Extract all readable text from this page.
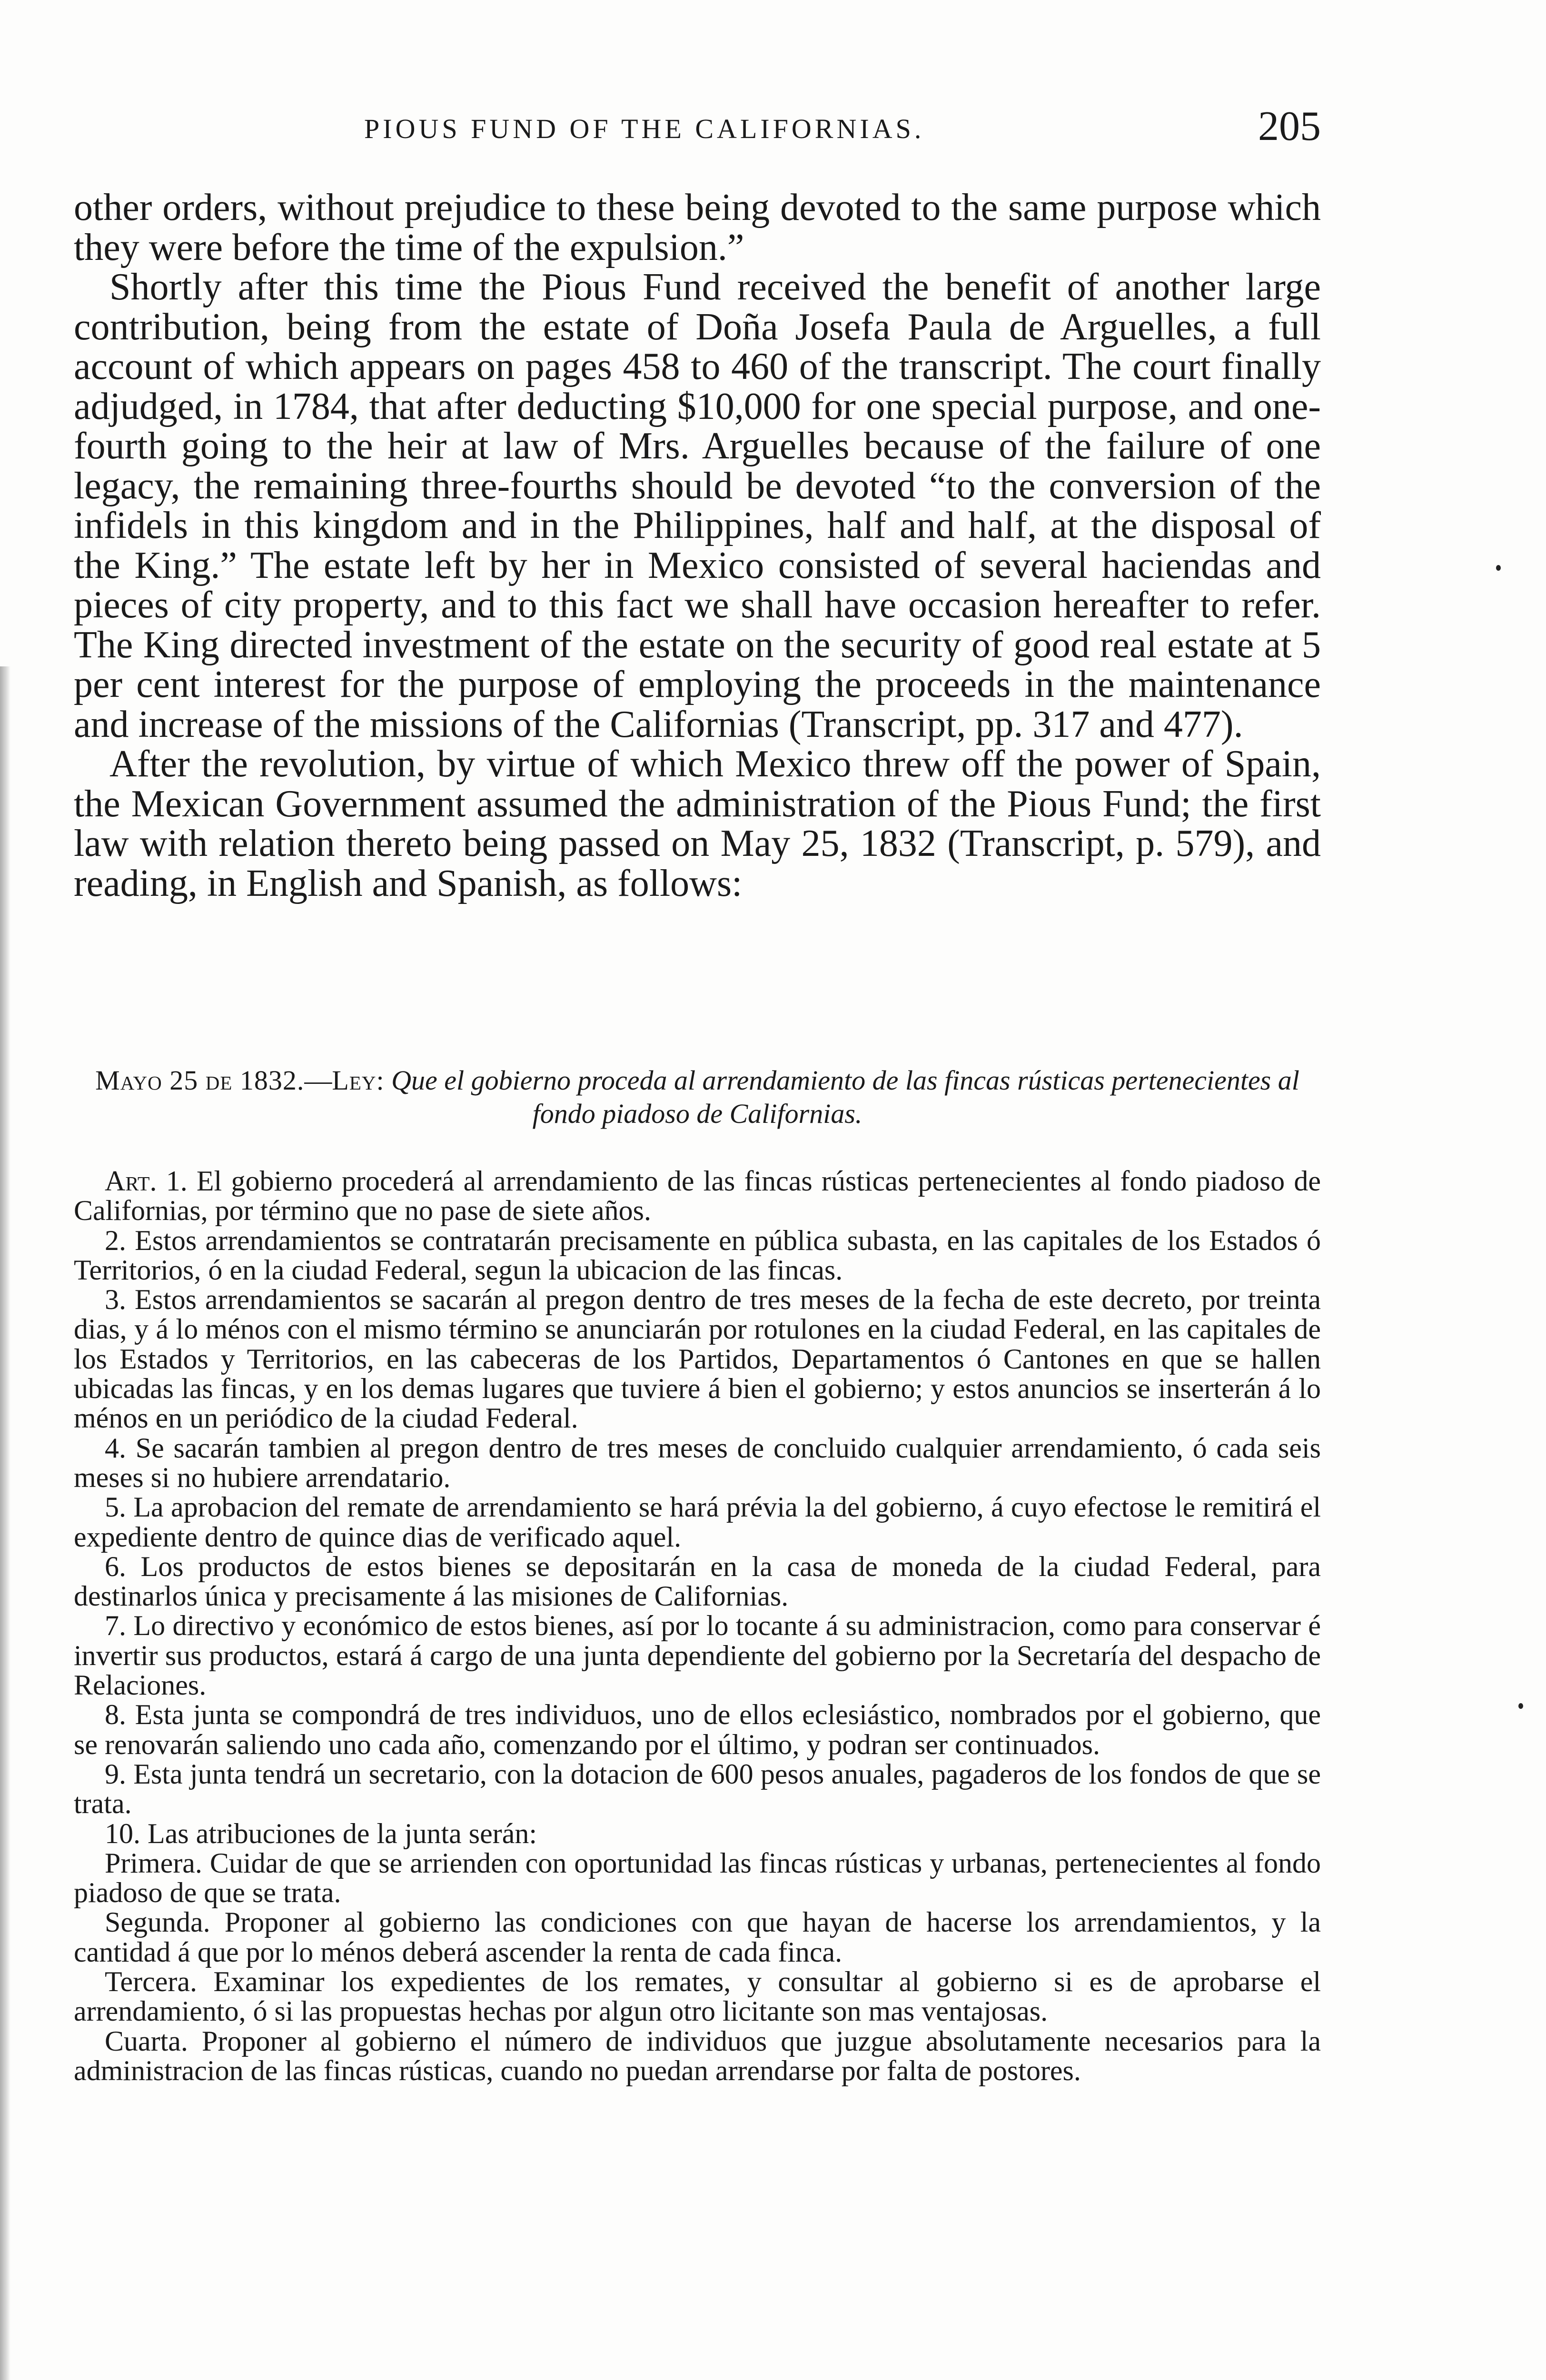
PIOUS FUND OF THE CALIFORNIAS.	205

other orders, without prejudice to these being devoted to the same purpose which they were before the time of the expulsion.”

Shortly after this time the Pious Fund received the benefit of another large contribution, being from the estate of Doña Josefa Paula de Arguelles, a full account of which appears on pages 458 to 460 of the transcript. The court finally adjudged, in 1784, that after deducting $10,000 for one special purpose, and one-fourth going to the heir at law of Mrs. Arguelles because of the failure of one legacy, the remaining three-fourths should be devoted “to the conversion of the infidels in this kingdom and in the Philippines, half and half, at the disposal of the King.” The estate left by her in Mexico consisted of several haciendas and pieces of city property, and to this fact we shall have occasion hereafter to refer. The King directed investment of the estate on the security of good real estate at 5 per cent interest for the purpose of employing the proceeds in the maintenance and increase of the missions of the Californias (Transcript, pp. 317 and 477).

After the revolution, by virtue of which Mexico threw off the power of Spain, the Mexican Government assumed the administration of the Pious Fund; the first law with relation thereto being passed on May 25, 1832 (Transcript, p. 579), and reading, in English and Spanish, as follows:

Mayo 25 de 1832.—Ley: Que el gobierno proceda al arrendamiento de las fincas rústicas pertenecientes al fondo piadoso de Californias.

Art. 1. El gobierno procederá al arrendamiento de las fincas rústicas pertenecientes al fondo piadoso de Californias, por término que no pase de siete años.

2. Estos arrendamientos se contratarán precisamente en pública subasta, en las capitales de los Estados ó Territorios, ó en la ciudad Federal, segun la ubicacion de las fincas.

3. Estos arrendamientos se sacarán al pregon dentro de tres meses de la fecha de este decreto, por treinta dias, y á lo ménos con el mismo término se anunciarán por rotulones en la ciudad Federal, en las capitales de los Estados y Territorios, en las cabeceras de los Partidos, Departamentos ó Cantones en que se hallen ubicadas las fincas, y en los demas lugares que tuviere á bien el gobierno; y estos anuncios se inserterán á lo ménos en un periódico de la ciudad Federal.

4. Se sacarán tambien al pregon dentro de tres meses de concluido cualquier arrendamiento, ó cada seis meses si no hubiere arrendatario.

5. La aprobacion del remate de arrendamiento se hará prévia la del gobierno, á cuyo efectose le remitirá el expediente dentro de quince dias de verificado aquel.

6. Los productos de estos bienes se depositarán en la casa de moneda de la ciudad Federal, para destinarlos única y precisamente á las misiones de Californias.

7. Lo directivo y económico de estos bienes, así por lo tocante á su administracion, como para conservar é invertir sus productos, estará á cargo de una junta dependiente del gobierno por la Secretaría del despacho de Relaciones.

8. Esta junta se compondrá de tres individuos, uno de ellos eclesiástico, nombrados por el gobierno, que se renovarán saliendo uno cada año, comenzando por el último, y podran ser continuados.

9. Esta junta tendrá un secretario, con la dotacion de 600 pesos anuales, pagaderos de los fondos de que se trata.

10. Las atribuciones de la junta serán:

Primera. Cuidar de que se arrienden con oportunidad las fincas rústicas y urbanas, pertenecientes al fondo piadoso de que se trata.

Segunda. Proponer al gobierno las condiciones con que hayan de hacerse los arrendamientos, y la cantidad á que por lo ménos deberá ascender la renta de cada finca.

Tercera. Examinar los expedientes de los remates, y consultar al gobierno si es de aprobarse el arrendamiento, ó si las propuestas hechas por algun otro licitante son mas ventajosas.

Cuarta. Proponer al gobierno el número de individuos que juzgue absolutamente necesarios para la administracion de las fincas rústicas, cuando no puedan arrendarse por falta de postores.
